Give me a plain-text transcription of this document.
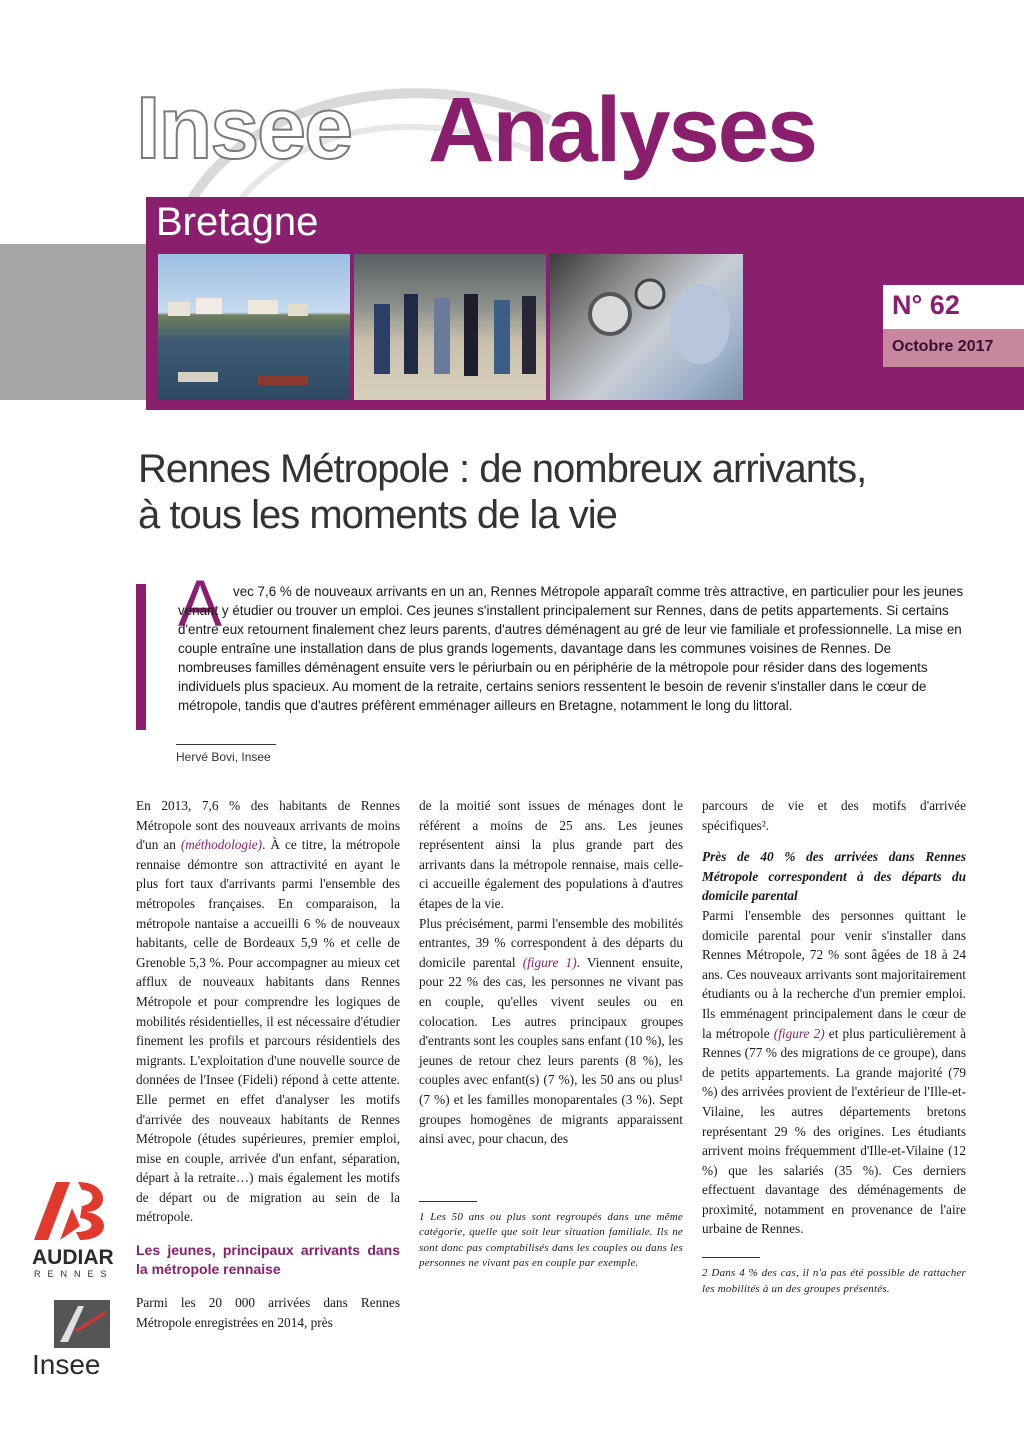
Insee Analyses
Bretagne
N° 62
Octobre 2017
Rennes Métropole : de nombreux arrivants,
à tous les moments de la vie
A vec 7,6 % de nouveaux arrivants en un an, Rennes Métropole apparaît comme très attractive, en particulier pour les jeunes venant y étudier ou trouver un emploi. Ces jeunes s'installent principalement sur Rennes, dans de petits appartements. Si certains d'entre eux retournent finalement chez leurs parents, d'autres déménagent au gré de leur vie familiale et professionnelle. La mise en couple entraîne une installation dans de plus grands logements, davantage dans les communes voisines de Rennes. De nombreuses familles déménagent ensuite vers le périurbain ou en périphérie de la métropole pour résider dans des logements individuels plus spacieux. Au moment de la retraite, certains seniors ressentent le besoin de revenir s'installer dans le cœur de métropole, tandis que d'autres préfèrent emménager ailleurs en Bretagne, notamment le long du littoral.
Hervé Bovi, Insee

En 2013, 7,6 % des habitants de Rennes Métropole sont des nouveaux arrivants de moins d'un an (méthodologie). À ce titre, la métropole rennaise démontre son attractivité en ayant le plus fort taux d'arrivants parmi l'ensemble des métropoles françaises. En comparaison, la métropole nantaise a accueilli 6 % de nouveaux habitants, celle de Bordeaux 5,9 % et celle de Grenoble 5,3 %. Pour accompagner au mieux cet afflux de nouveaux habitants dans Rennes Métropole et pour comprendre les logiques de mobilités résidentielles, il est nécessaire d'étudier finement les profils et parcours résidentiels des migrants. L'exploitation d'une nouvelle source de données de l'Insee (Fideli) répond à cette attente. Elle permet en effet d'analyser les motifs d'arrivée des nouveaux habitants de Rennes Métropole (études supérieures, premier emploi, mise en couple, arrivée d'un enfant, séparation, départ à la retraite…) mais également les motifs de départ ou de migration au sein de la métropole.

Les jeunes, principaux arrivants dans la métropole rennaise

Parmi les 20 000 arrivées dans Rennes Métropole enregistrées en 2014, près

de la moitié sont issues de ménages dont le référent a moins de 25 ans. Les jeunes représentent ainsi la plus grande part des arrivants dans la métropole rennaise, mais celle-ci accueille également des populations à d'autres étapes de la vie.

Plus précisément, parmi l'ensemble des mobilités entrantes, 39 % correspondent à des départs du domicile parental (figure 1). Viennent ensuite, pour 22 % des cas, les personnes ne vivant pas en couple, qu'elles vivent seules ou en colocation. Les autres principaux groupes d'entrants sont les couples sans enfant (10 %), les jeunes de retour chez leurs parents (8 %), les couples avec enfant(s) (7 %), les 50 ans ou plus¹ (7 %) et les familles monoparentales (3 %). Sept groupes homogènes de migrants apparaissent ainsi avec, pour chacun, des

1 Les 50 ans ou plus sont regroupés dans une même catégorie, quelle que soit leur situation familiale. Ils ne sont donc pas comptabilisés dans les couples ou dans les personnes ne vivant pas en couple par exemple.

parcours de vie et des motifs d'arrivée spécifiques².

Près de 40 % des arrivées dans Rennes Métropole correspondent à des départs du domicile parental

Parmi l'ensemble des personnes quittant le domicile parental pour venir s'installer dans Rennes Métropole, 72 % sont âgées de 18 à 24 ans. Ces nouveaux arrivants sont majoritairement étudiants ou à la recherche d'un premier emploi. Ils emménagent principalement dans le cœur de la métropole (figure 2) et plus particulièrement à Rennes (77 % des migrations de ce groupe), dans de petits appartements. La grande majorité (79 %) des arrivées provient de l'extérieur de l'Ille-et-Vilaine, les autres départements bretons représentant 29 % des origines. Les étudiants arrivent moins fréquemment d'Ille-et-Vilaine (12 %) que les salariés (35 %). Ces derniers effectuent davantage des déménagements de proximité, notamment en provenance de l'aire urbaine de Rennes.

2 Dans 4 % des cas, il n'a pas été possible de rattacher les mobilités à un des groupes présentés.

AUDIAR
RENNES
Insee
